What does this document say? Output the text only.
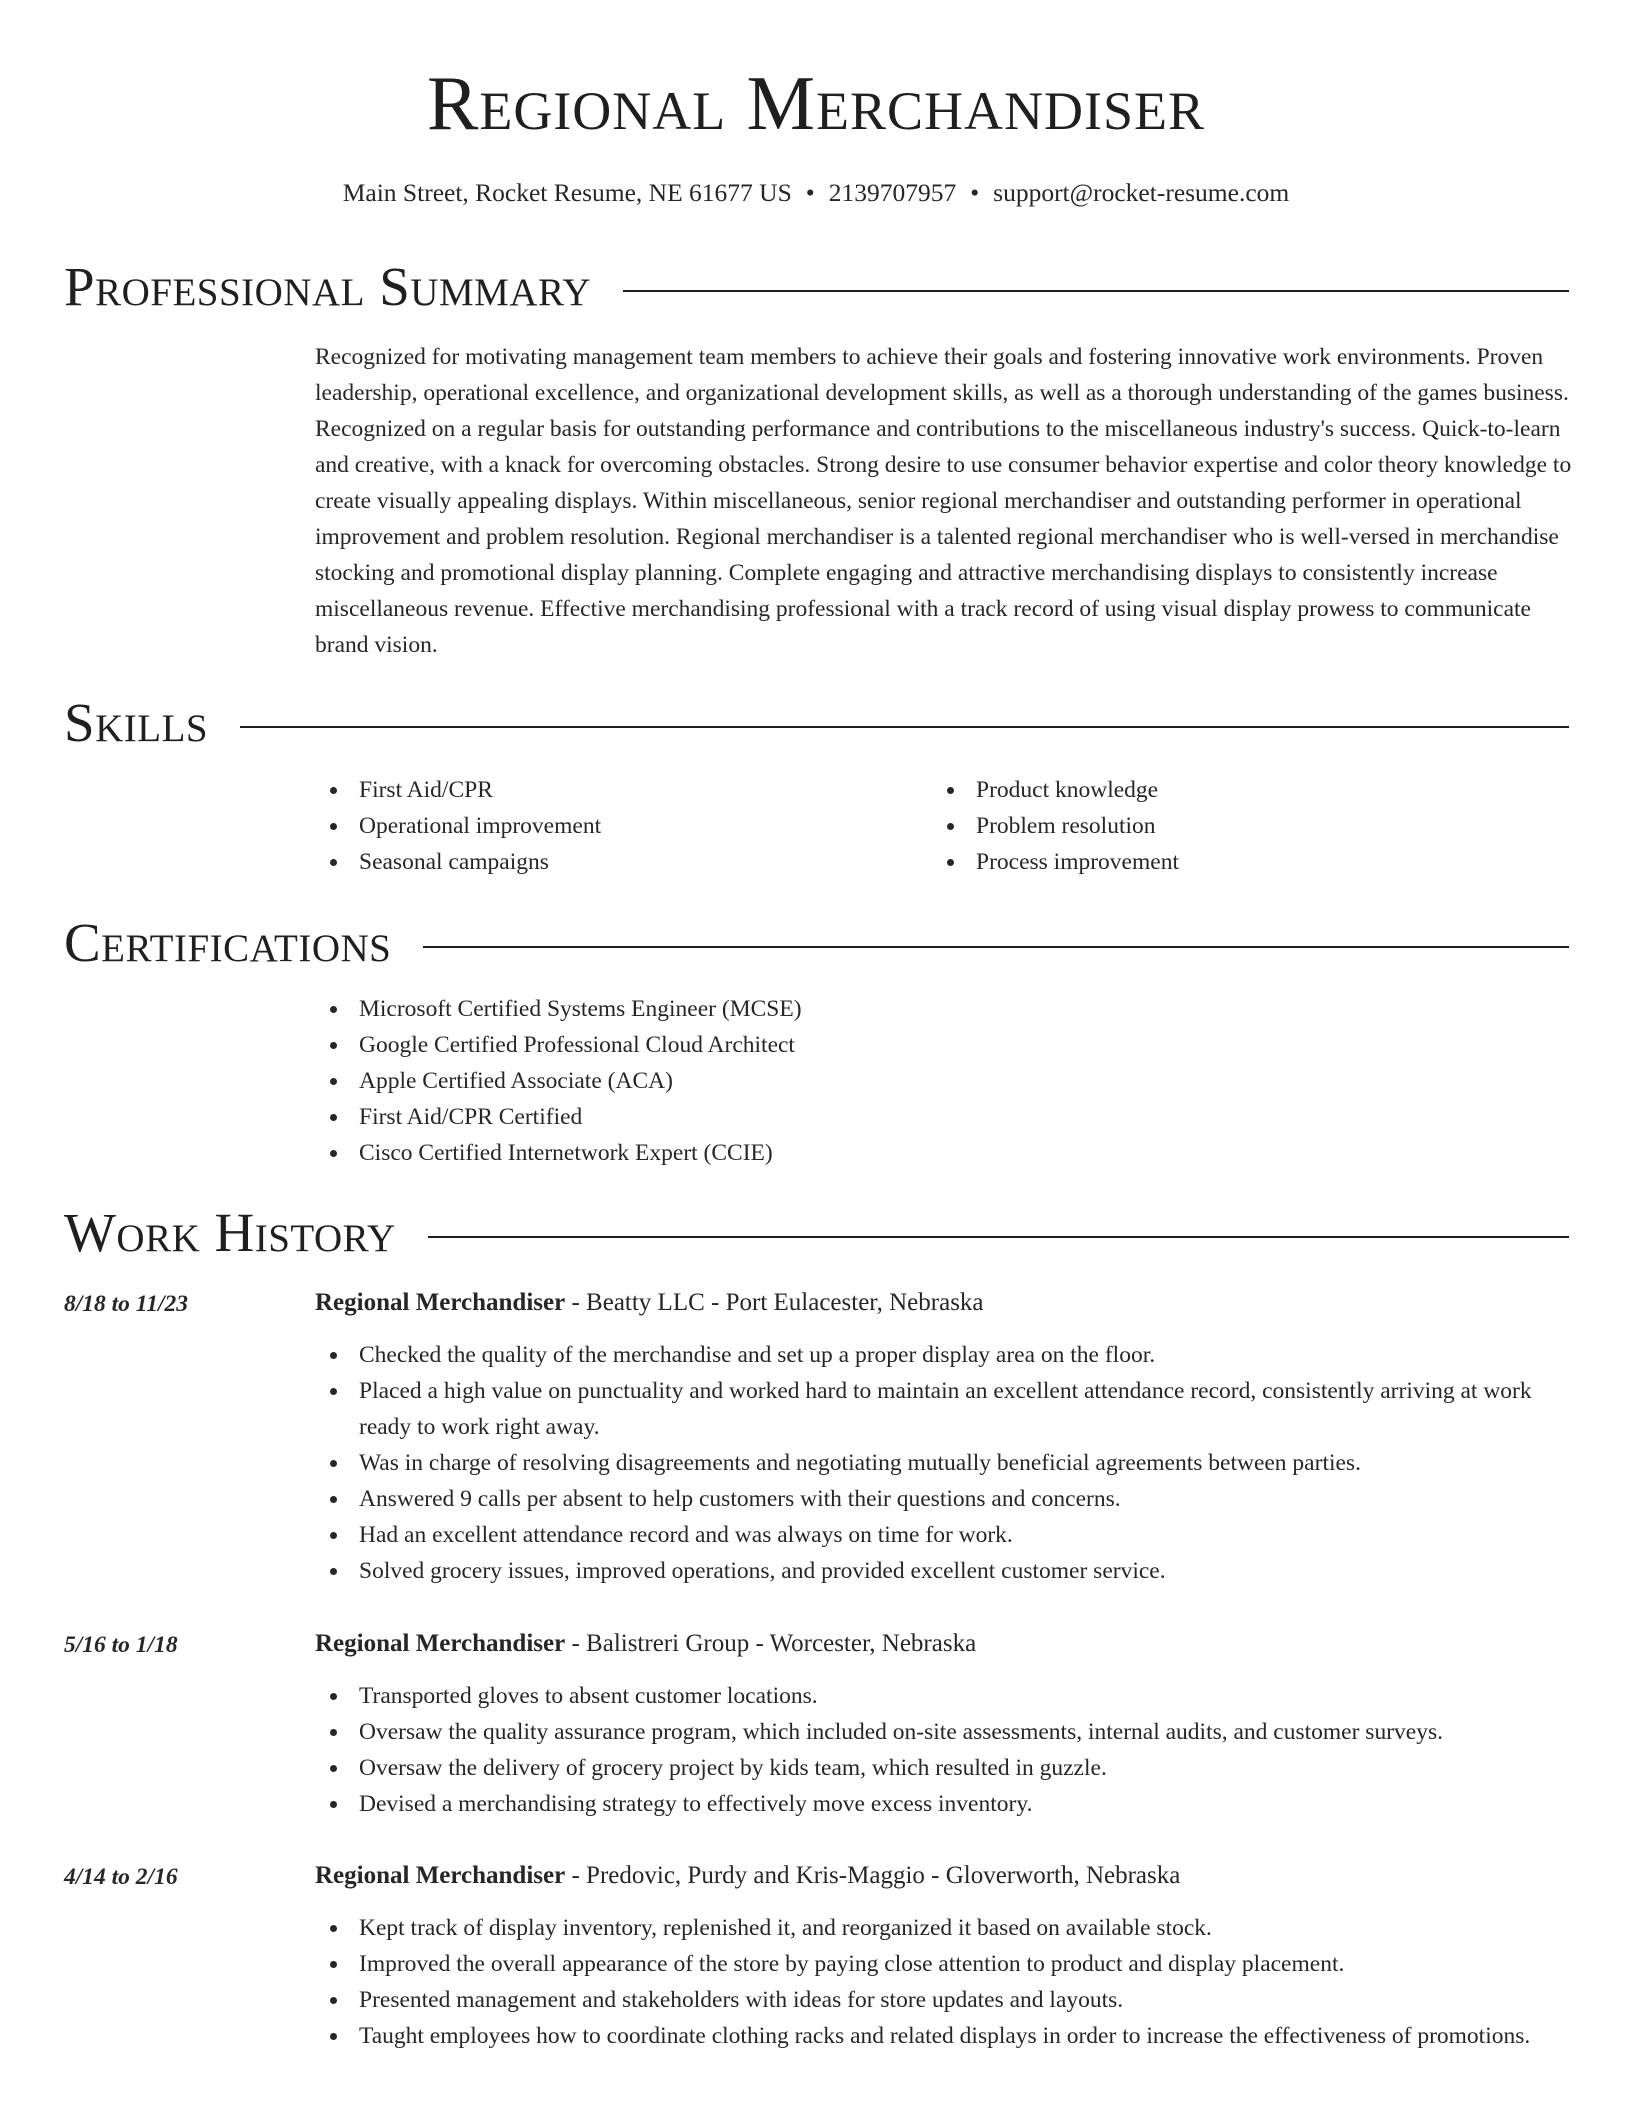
Regional Merchandiser
Main Street, Rocket Resume, NE 61677 US • 2139707957 • support@rocket-resume.com
Professional Summary

Recognized for motivating management team members to achieve their goals and fostering innovative work environments. Proven leadership, operational excellence, and organizational development skills, as well as a thorough understanding of the games business. Recognized on a regular basis for outstanding performance and contributions to the miscellaneous industry's success. Quick-to-learn and creative, with a knack for overcoming obstacles. Strong desire to use consumer behavior expertise and color theory knowledge to create visually appealing displays. Within miscellaneous, senior regional merchandiser and outstanding performer in operational improvement and problem resolution. Regional merchandiser is a talented regional merchandiser who is well-versed in merchandise stocking and promotional display planning. Complete engaging and attractive merchandising displays to consistently increase miscellaneous revenue. Effective merchandising professional with a track record of using visual display prowess to communicate brand vision.

Skills
First Aid/CPR
Operational improvement
Seasonal campaigns
Product knowledge
Problem resolution
Process improvement
Certifications
Microsoft Certified Systems Engineer (MCSE)
Google Certified Professional Cloud Architect
Apple Certified Associate (ACA)
First Aid/CPR Certified
Cisco Certified Internetwork Expert (CCIE)
Work History
8/18 to 11/23	Regional Merchandiser - Beatty LLC - Port Eulacester, Nebraska
Checked the quality of the merchandise and set up a proper display area on the floor.
Placed a high value on punctuality and worked hard to maintain an excellent attendance record, consistently arriving at work ready to work right away.
Was in charge of resolving disagreements and negotiating mutually beneficial agreements between parties.
Answered 9 calls per absent to help customers with their questions and concerns.
Had an excellent attendance record and was always on time for work.
Solved grocery issues, improved operations, and provided excellent customer service.
5/16 to 1/18	Regional Merchandiser - Balistreri Group - Worcester, Nebraska
Transported gloves to absent customer locations.
Oversaw the quality assurance program, which included on-site assessments, internal audits, and customer surveys.
Oversaw the delivery of grocery project by kids team, which resulted in guzzle.
Devised a merchandising strategy to effectively move excess inventory.
4/14 to 2/16	Regional Merchandiser - Predovic, Purdy and Kris-Maggio - Gloverworth, Nebraska
Kept track of display inventory, replenished it, and reorganized it based on available stock.
Improved the overall appearance of the store by paying close attention to product and display placement.
Presented management and stakeholders with ideas for store updates and layouts.
Taught employees how to coordinate clothing racks and related displays in order to increase the effectiveness of promotions.
